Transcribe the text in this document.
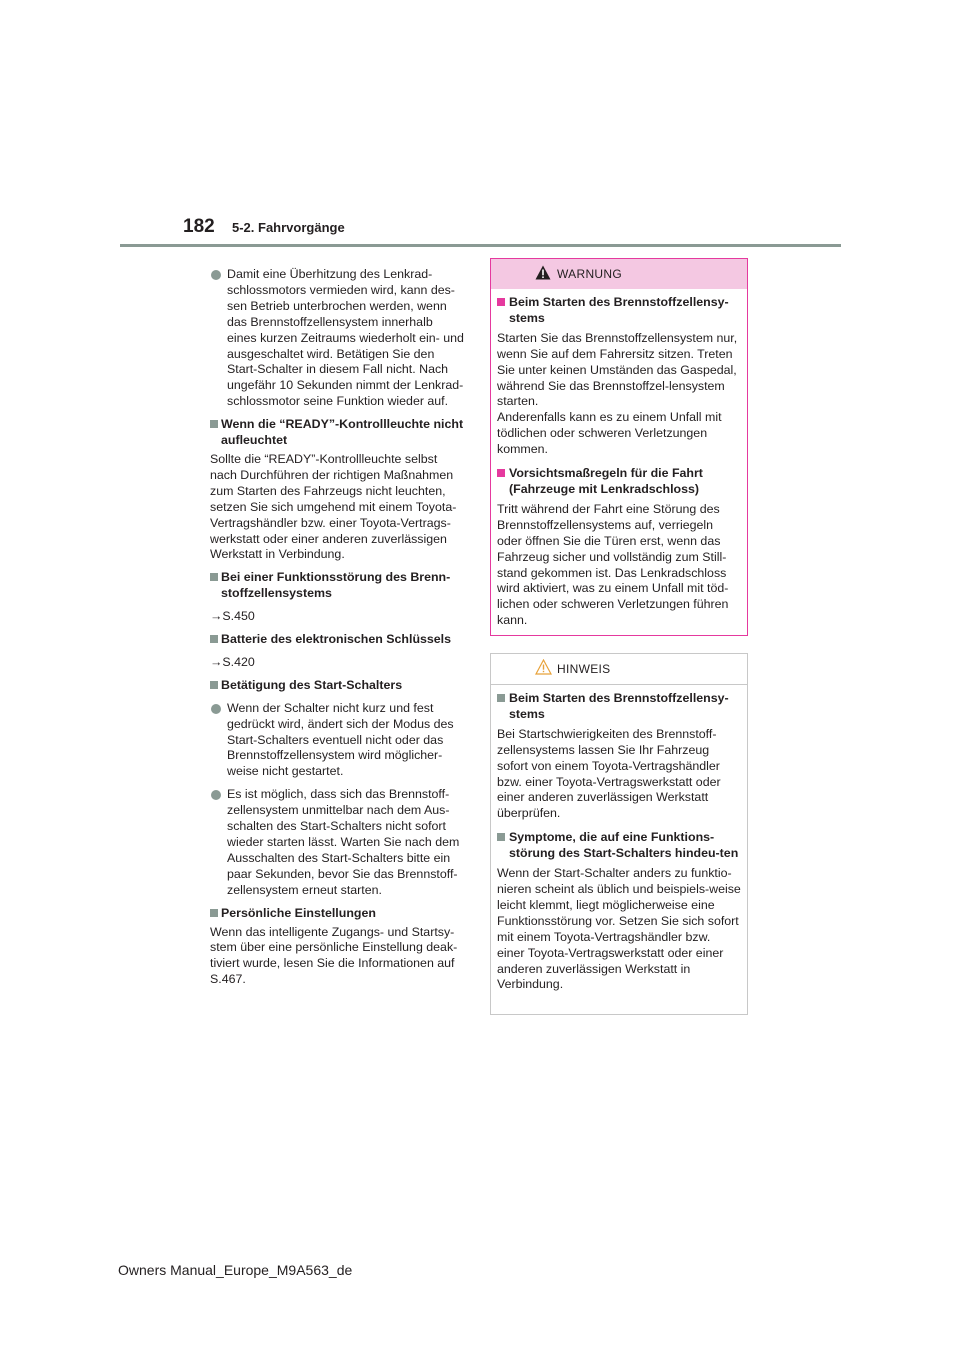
182 5-2. Fahrvorgänge
Damit eine Überhitzung des Lenkrad-schlossmotors vermieden wird, kann des-sen Betrieb unterbrochen werden, wenn das Brennstoffzellensystem innerhalb eines kurzen Zeitraums wiederholt ein- und ausgeschaltet wird. Betätigen Sie den Start-Schalter in diesem Fall nicht. Nach ungefähr 10 Sekunden nimmt der Lenkrad-schlossmotor seine Funktion wieder auf.
Wenn die “READY”-Kontrollleuchte nicht aufleuchtet
Sollte die “READY”-Kontrollleuchte selbst nach Durchführen der richtigen Maßnahmen zum Starten des Fahrzeugs nicht leuchten, setzen Sie sich umgehend mit einem Toyota-Vertragshändler bzw. einer Toyota-Vertrags-werkstatt oder einer anderen zuverlässigen Werkstatt in Verbindung.
Bei einer Funktionsstörung des Brenn-stoffzellensystems
→S.450
Batterie des elektronischen Schlüssels
→S.420
Betätigung des Start-Schalters
Wenn der Schalter nicht kurz und fest gedrückt wird, ändert sich der Modus des Start-Schalters eventuell nicht oder das Brennstoffzellensystem wird möglicher-weise nicht gestartet.
Es ist möglich, dass sich das Brennstoff-zellensystem unmittelbar nach dem Aus-schalten des Start-Schalters nicht sofort wieder starten lässt. Warten Sie nach dem Ausschalten des Start-Schalters bitte ein paar Sekunden, bevor Sie das Brennstoff-zellensystem erneut starten.
Persönliche Einstellungen
Wenn das intelligente Zugangs- und Startsy-stem über eine persönliche Einstellung deak-tiviert wurde, lesen Sie die Informationen auf S.467.
WARNUNG
Beim Starten des Brennstoffzellensy-stems
Starten Sie das Brennstoffzellensystem nur, wenn Sie auf dem Fahrersitz sitzen. Treten Sie unter keinen Umständen das Gaspedal, während Sie das Brennstoffzel-lensystem starten.
Anderenfalls kann es zu einem Unfall mit tödlichen oder schweren Verletzungen kommen.
Vorsichtsmaßregeln für die Fahrt (Fahrzeuge mit Lenkradschloss)
Tritt während der Fahrt eine Störung des Brennstoffzellensystems auf, verriegeln oder öffnen Sie die Türen erst, wenn das Fahrzeug sicher und vollständig zum Still-stand gekommen ist. Das Lenkradschloss wird aktiviert, was zu einem Unfall mit töd-lichen oder schweren Verletzungen führen kann.
HINWEIS
Beim Starten des Brennstoffzellensy-stems
Bei Startschwierigkeiten des Brennstoff-zellensystems lassen Sie Ihr Fahrzeug sofort von einem Toyota-Vertragshändler bzw. einer Toyota-Vertragswerkstatt oder einer anderen zuverlässigen Werkstatt überprüfen.
Symptome, die auf eine Funktions-störung des Start-Schalters hindeu-ten
Wenn der Start-Schalter anders zu funktio-nieren scheint als üblich und beispiels-weise leicht klemmt, liegt möglicherweise eine Funktionsstörung vor. Setzen Sie sich sofort mit einem Toyota-Vertragshändler bzw. einer Toyota-Vertragswerkstatt oder einer anderen zuverlässigen Werkstatt in Verbindung.
Owners Manual_Europe_M9A563_de
